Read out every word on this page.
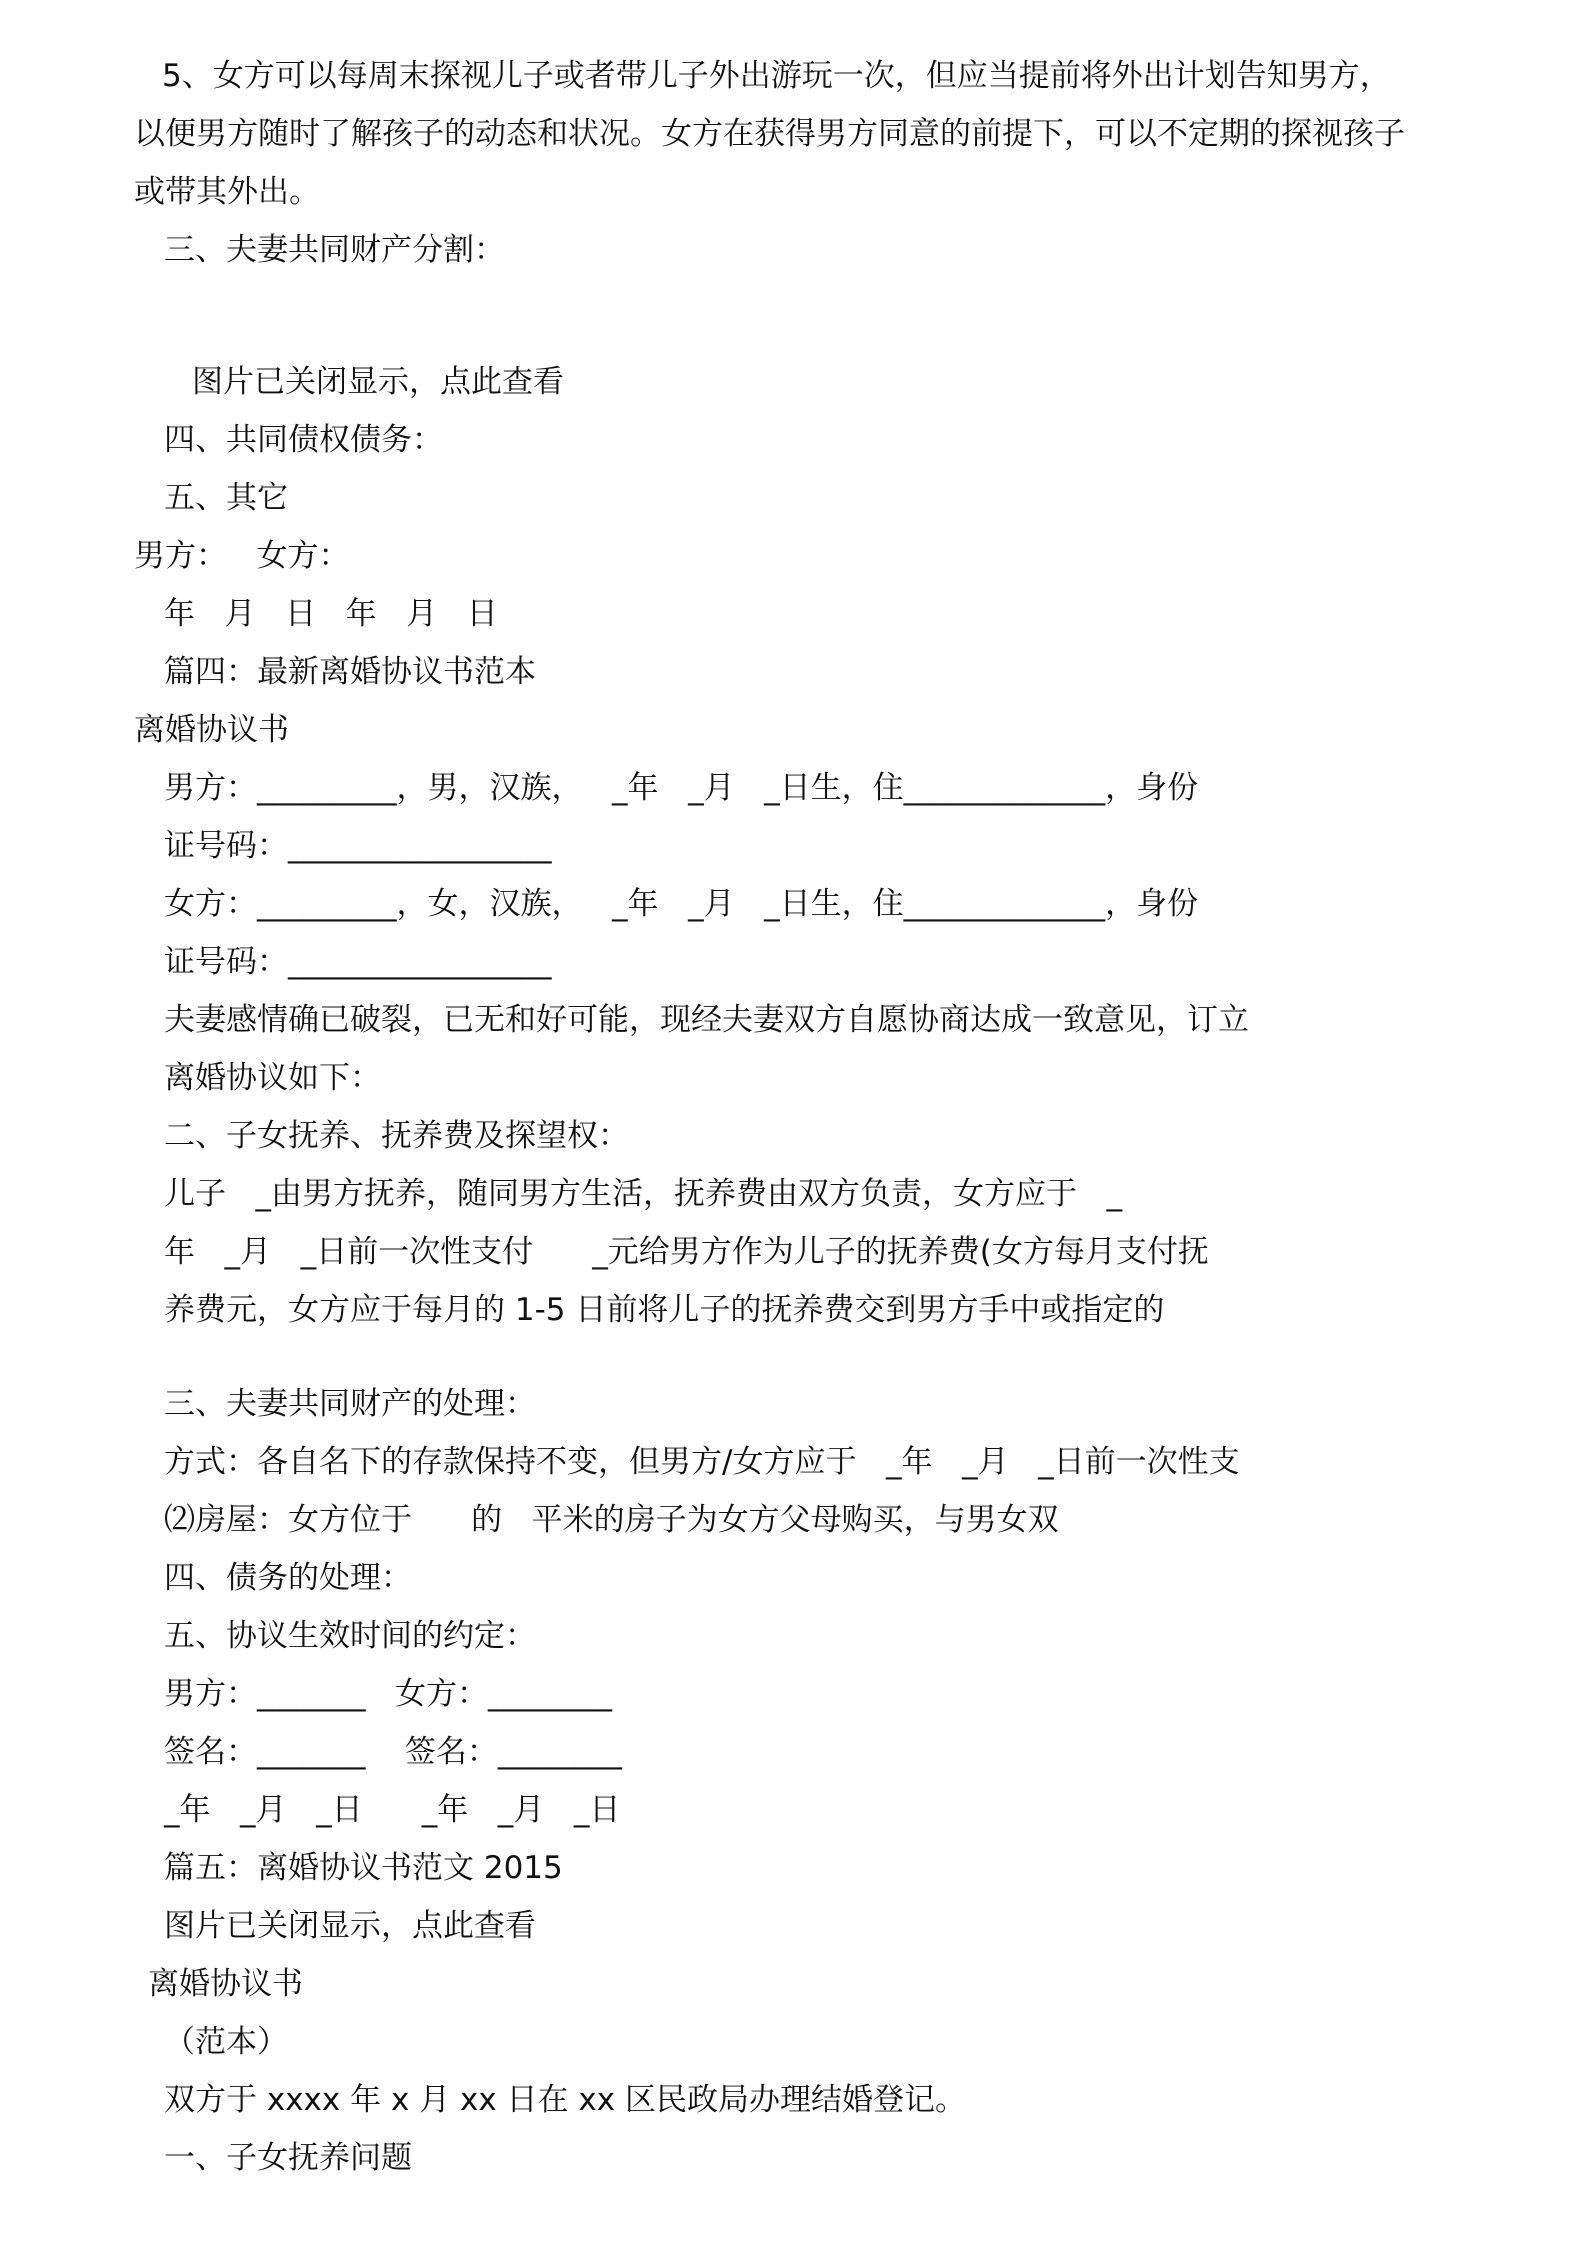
5、女方可以每周末探视儿子或者带儿子外出游玩一次，但应当提前将外出计划告知男方，
以便男方随时了解孩子的动态和状况。女方在获得男方同意的前提下，可以不定期的探视孩子
或带其外出。
三、夫妻共同财产分割：
图片已关闭显示，点此查看
四、共同债权债务：
五、其它
男方：   女方：
年   月   日   年   月   日
篇四：最新离婚协议书范本
离婚协议书
男方：_________，男，汉族，   _年   _月   _日生，住_____________，身份
证号码：_________________
女方：_________，女，汉族，   _年   _月   _日生，住_____________，身份
证号码：_________________
夫妻感情确已破裂，已无和好可能，现经夫妻双方自愿协商达成一致意见，订立
离婚协议如下：
二、子女抚养、抚养费及探望权：
儿子   _由男方抚养，随同男方生活，抚养费由双方负责，女方应于   _
年   _月   _日前一次性支付      _元给男方作为儿子的抚养费(女方每月支付抚
养费元，女方应于每月的 1-5 日前将儿子的抚养费交到男方手中或指定的
三、夫妻共同财产的处理：
方式：各自名下的存款保持不变，但男方/女方应于   _年   _月   _日前一次性支
⑵房屋：女方位于      的   平米的房子为女方父母购买，与男女双
四、债务的处理：
五、协议生效时间的约定：
男方：_______   女方：________
签名：_______    签名：________
_年   _月   _日      _年   _月   _日
篇五：离婚协议书范文 2015
图片已关闭显示，点此查看
离婚协议书
（范本）
双方于 xxxx 年 x 月 xx 日在 xx 区民政局办理结婚登记。
一、子女抚养问题
